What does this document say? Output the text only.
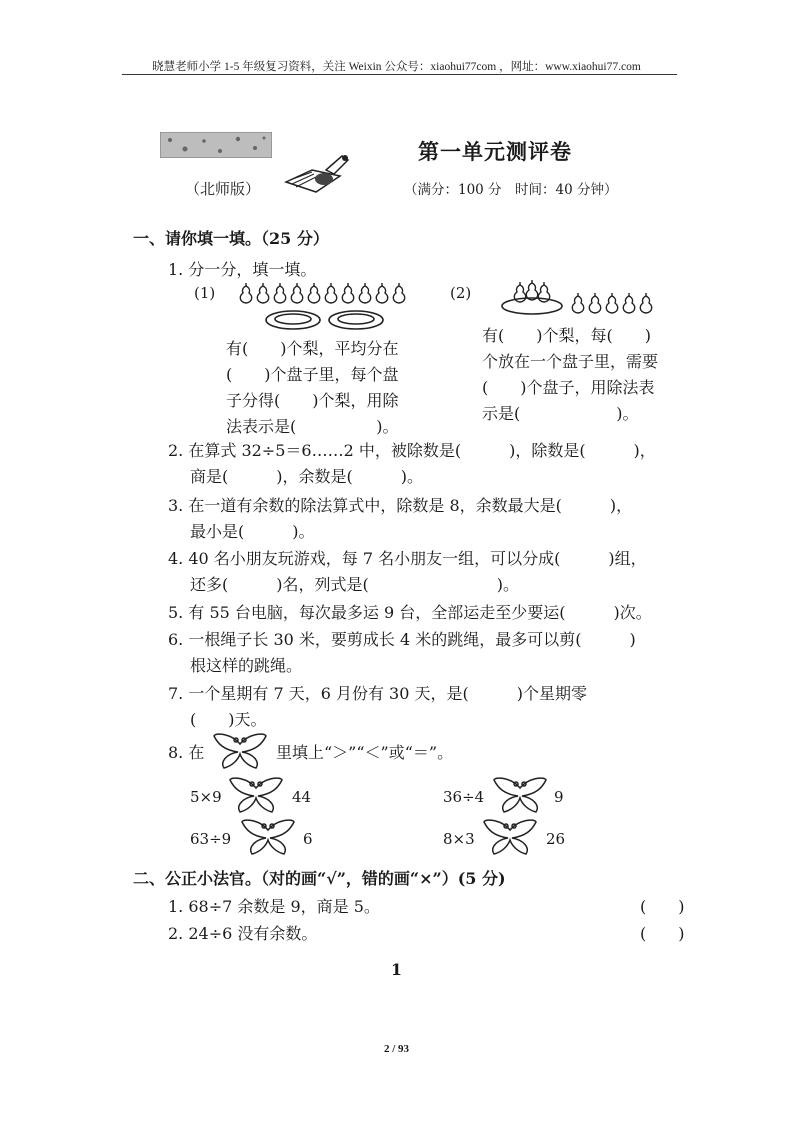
晓慧老师小学 1-5 年级复习资料，关注 Weixin 公众号：xiaohui77com ，网址：www.xiaohui77.com
第一单元测评卷
（北师版）	（满分：100 分　时间：40 分钟）
一、请你填一填。（25 分）
1. 分一分，填一填。
(1)
有(　　)个梨，平均分在
(　　)个盘子里，每个盘
子分得(　　)个梨，用除
法表示是(　　　　　)。
(2)
有(　　)个梨，每(　　)
个放在一个盘子里，需要
(　　)个盘子，用除法表
示是(　　　　　　)。
2. 在算式 32÷5＝6……2 中，被除数是(　　　)，除数是(　　　)，
商是(　　　)，余数是(　　　)。
3. 在一道有余数的除法算式中，除数是 8，余数最大是(　　　)，
最小是(　　　)。
4. 40 名小朋友玩游戏，每 7 名小朋友一组，可以分成(　　　)组，
还多(　　　)名，列式是(　　　　　　　　)。
5. 有 55 台电脑，每次最多运 9 台，全部运走至少要运(　　　)次。
6. 一根绳子长 30 米，要剪成长 4 米的跳绳，最多可以剪(　　　)
根这样的跳绳。
7. 一个星期有 7 天，6 月份有 30 天，是(　　　)个星期零
(　　)天。
8. 在	里填上“＞”“＜”或“＝”。
5×9	44	36÷4	9
63÷9	6	8×3	26
二、公正小法官。（对的画“√”，错的画“×”）(5 分)
1. 68÷7 余数是 9，商是 5。	(　　)
2. 24÷6 没有余数。	(　　)
1
2 / 93
